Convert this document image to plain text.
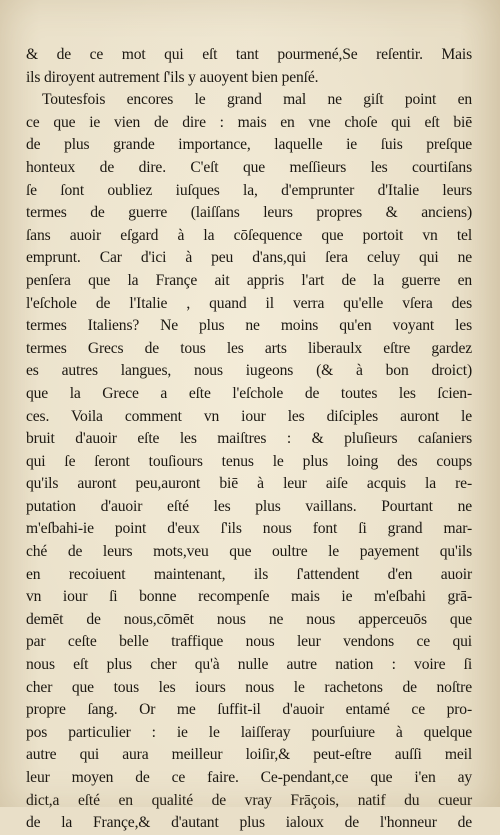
& de ce mot qui eſt tant pourmené,Se reſentir. Mais
ils diroyent autrement ſ'ils y auoyent bien penſé.
Toutesfois encores le grand mal ne giſt point en
ce que ie vien de dire : mais en vne choſe qui eſt biē
de plus grande importance, laquelle ie ſuis preſque
honteux de dire. C'eſt que meſſieurs les courtiſans
ſe ſont oubliez iuſques la, d'emprunter d'Italie leurs
termes de guerre (laiſſans leurs propres & anciens)
ſans auoir eſgard à la cōſequence que portoit vn tel
emprunt. Car d'ici à peu d'ans,qui ſera celuy qui ne
penſera que la Françe ait appris l'art de la guerre en
l'eſchole de l'Italie , quand il verra qu'elle vſera des
termes Italiens? Ne plus ne moins qu'en voyant les
termes Grecs de tous les arts liberaulx eſtre gardez
es autres langues, nous iugeons (& à bon droict)
que la Grece a eſte l'eſchole de toutes les ſcien-
ces. Voila comment vn iour les diſciples auront le
bruit d'auoir eſte les maiſtres : & pluſieurs caſaniers
qui ſe ſeront touſiours tenus le plus loing des coups
qu'ils auront peu,auront biē à leur aiſe acquis la re-
putation d'auoir eſté les plus vaillans. Pourtant ne
m'eſbahi-ie point d'eux ſ'ils nous font ſi grand mar-
ché de leurs mots,veu que oultre le payement qu'ils
en recoiuent maintenant, ils ſ'attendent d'en auoir
vn iour ſi bonne recompenſe mais ie m'eſbahi grā-
demēt de nous,cōmēt nous ne nous apperceuōs que
par ceſte belle traffique nous leur vendons ce qui
nous eſt plus cher qu'à nulle autre nation : voire ſi
cher que tous les iours nous le rachetons de noſtre
propre ſang. Or me ſuffit-il d'auoir entamé ce pro-
pos particulier : ie le laiſſeray pourſuiure à quelque
autre qui aura meilleur loiſir,& peut-eſtre auſſi meil
leur moyen de ce faire. Ce-pendant,ce que i'en ay
dict,a eſté en qualité de vray Frāçois, natif du cueur
de la Françe,& d'autant plus ialoux de l'honneur de
